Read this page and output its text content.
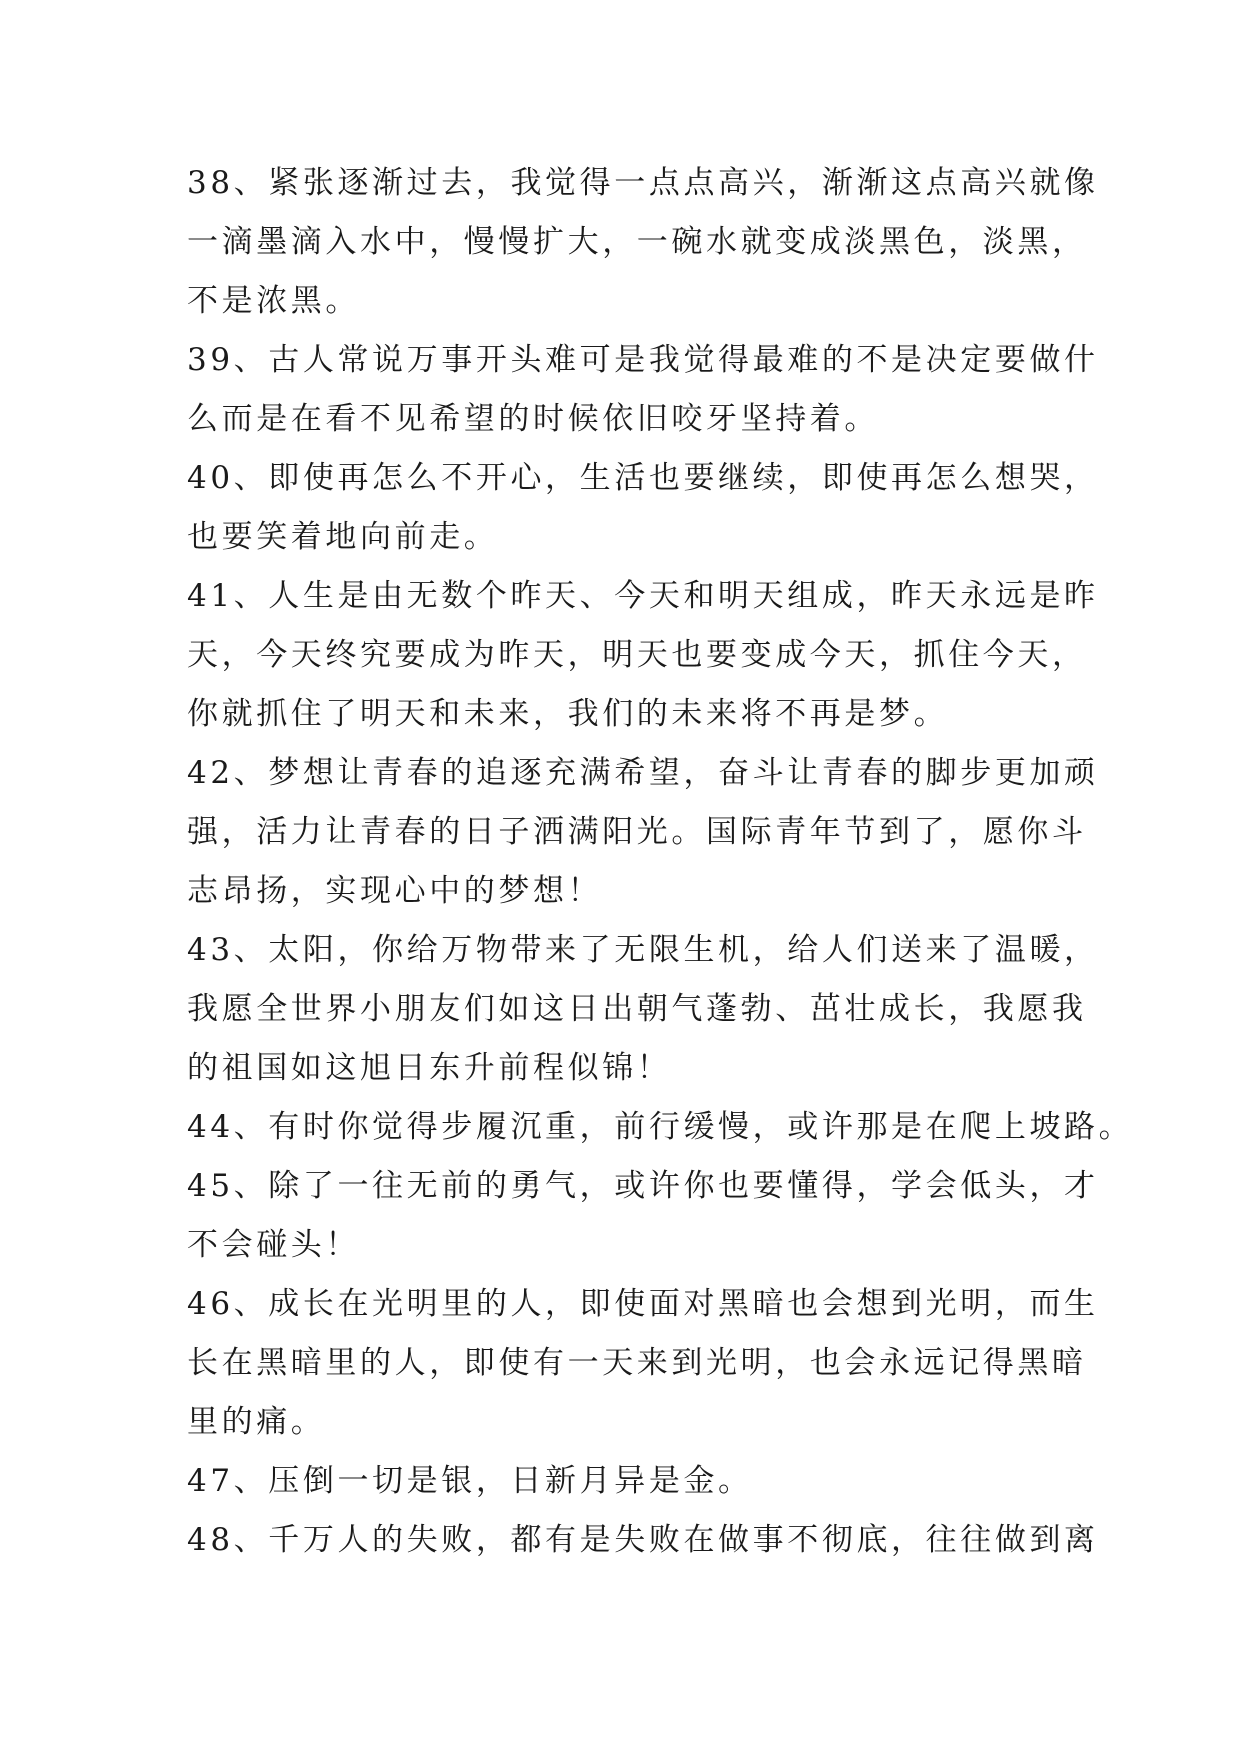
38、紧张逐渐过去，我觉得一点点高兴，渐渐这点高兴就像
一滴墨滴入水中，慢慢扩大，一碗水就变成淡黑色，淡黑，
不是浓黑。
39、古人常说万事开头难可是我觉得最难的不是决定要做什
么而是在看不见希望的时候依旧咬牙坚持着。
40、即使再怎么不开心，生活也要继续，即使再怎么想哭，
也要笑着地向前走。
41、人生是由无数个昨天、今天和明天组成，昨天永远是昨
天，今天终究要成为昨天，明天也要变成今天，抓住今天，
你就抓住了明天和未来，我们的未来将不再是梦。
42、梦想让青春的追逐充满希望，奋斗让青春的脚步更加顽
强，活力让青春的日子洒满阳光。国际青年节到了，愿你斗
志昂扬，实现心中的梦想！
43、太阳，你给万物带来了无限生机，给人们送来了温暖，
我愿全世界小朋友们如这日出朝气蓬勃、茁壮成长，我愿我
的祖国如这旭日东升前程似锦！
44、有时你觉得步履沉重，前行缓慢，或许那是在爬上坡路。
45、除了一往无前的勇气，或许你也要懂得，学会低头，才
不会碰头！
46、成长在光明里的人，即使面对黑暗也会想到光明，而生
长在黑暗里的人，即使有一天来到光明，也会永远记得黑暗
里的痛。
47、压倒一切是银，日新月异是金。
48、千万人的失败，都有是失败在做事不彻底，往往做到离
